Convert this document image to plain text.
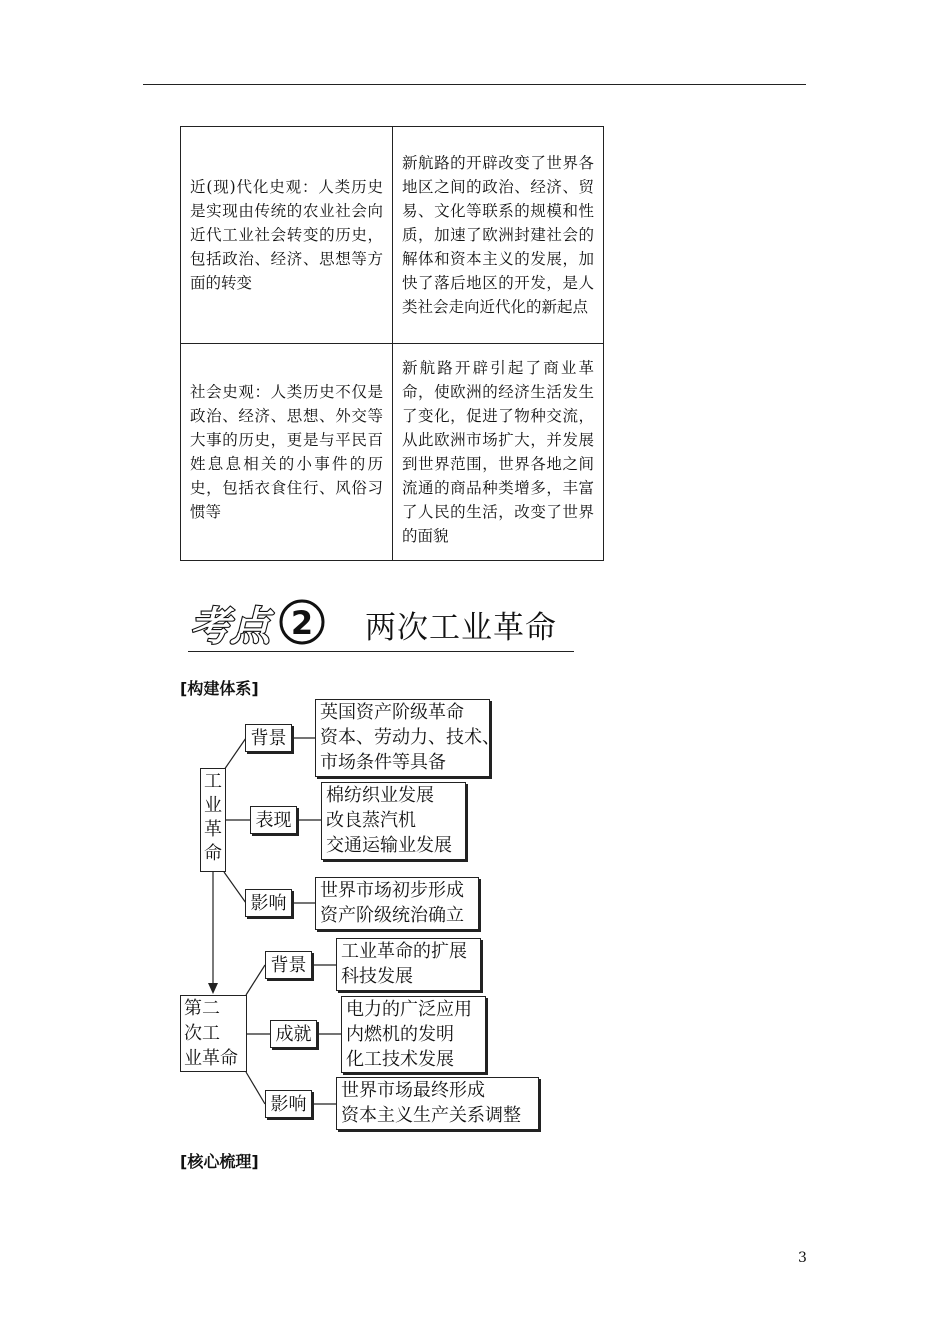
近(现)代化史观：人类历史是实现由传统的农业社会向近代工业社会转变的历史，包括政治、经济、思想等方面的转变	新航路的开辟改变了世界各地区之间的政治、经济、贸易、文化等联系的规模和性质，加速了欧洲封建社会的解体和资本主义的发展，加快了落后地区的开发，是人类社会走向近代化的新起点
社会史观：人类历史不仅是政治、经济、思想、外交等大事的历史，更是与平民百姓息息相关的小事件的历史，包括衣食住行、风俗习惯等	新航路开辟引起了商业革命，使欧洲的经济生活发生了变化，促进了物种交流，从此欧洲市场扩大，并发展到世界范围，世界各地之间流通的商品种类增多，丰富了人民的生活，改变了世界的面貌
考点 2 两次工业革命
[构建体系]
工
业
革
命
背景
英国资产阶级革命
资本、劳动力、技术、
市场条件等具备
表现
棉纺织业发展
改良蒸汽机
交通运输业发展
影响
世界市场初步形成
资产阶级统治确立
第二
次工
业革命
背景
工业革命的扩展
科技发展
成就
电力的广泛应用
内燃机的发明
化工技术发展
影响
世界市场最终形成
资本主义生产关系调整
[核心梳理]
3
